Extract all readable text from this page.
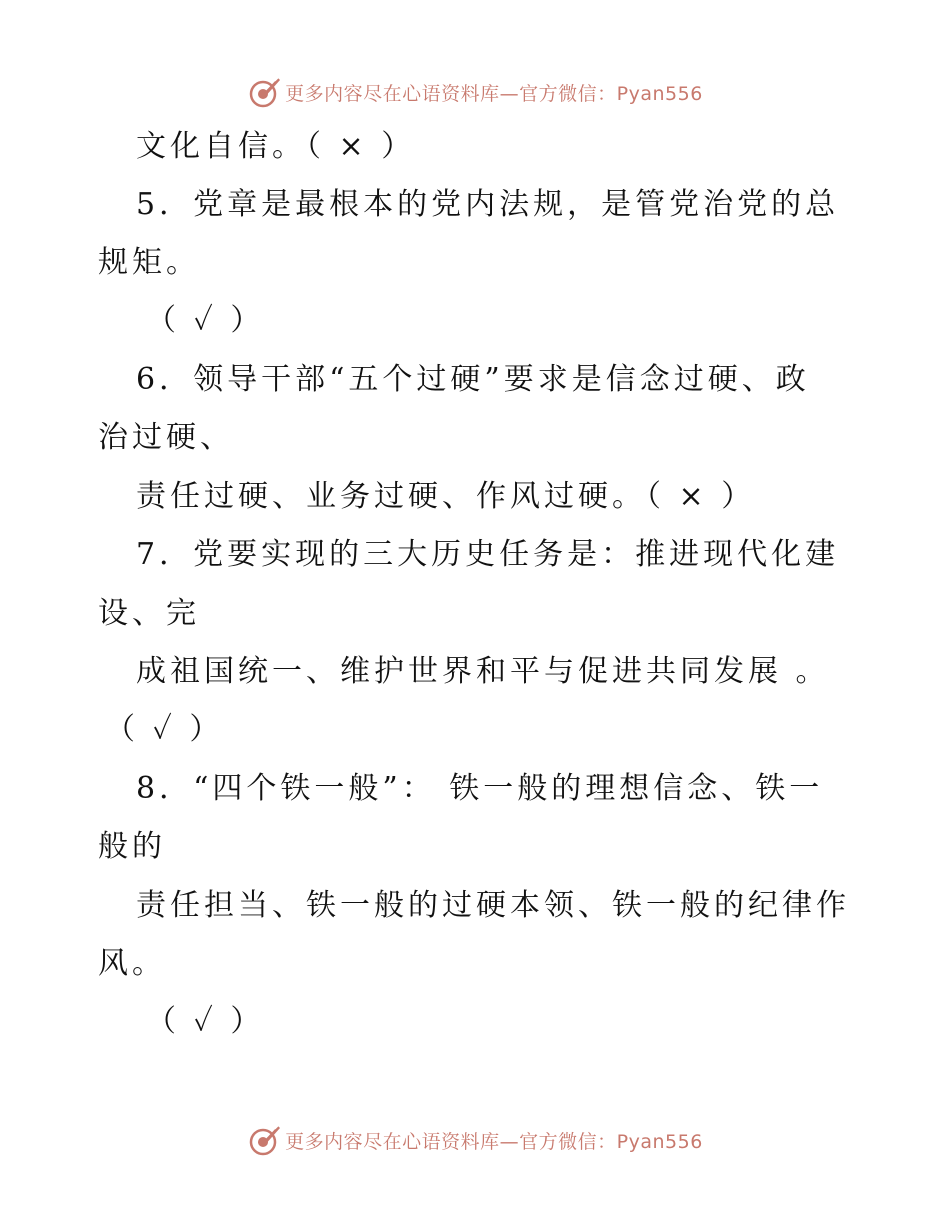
更多内容尽在心语资料库—官方微信：Pyan556
文化自信。（ × ）
5．党章是最根本的党内法规，是管党治党的总
规矩。
（ ✓ ）
6．领导干部“五个过硬”要求是信念过硬、政
治过硬、
责任过硬、业务过硬、作风过硬。（ × ）
7．党要实现的三大历史任务是：推进现代化建
设、完
成祖国统一、维护世界和平与促进共同发展 。
（ ✓ ）
8．“四个铁一般”： 铁一般的理想信念、铁一
般的
责任担当、铁一般的过硬本领、铁一般的纪律作
风。
（ ✓ ）
更多内容尽在心语资料库—官方微信：Pyan556
